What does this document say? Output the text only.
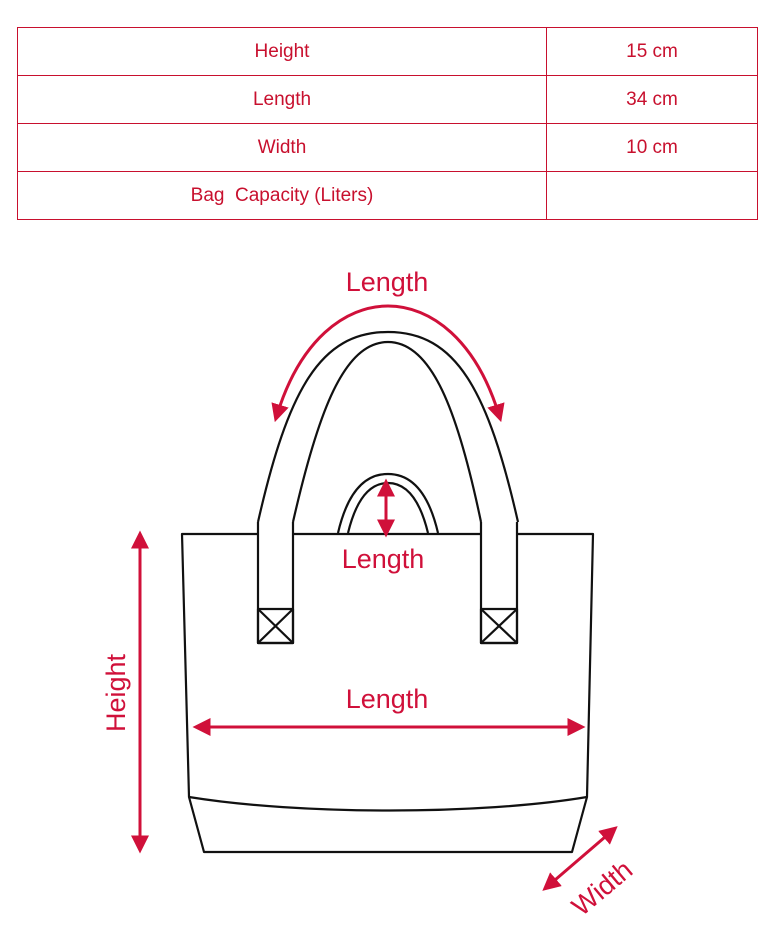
Height	15 cm
Length	34 cm
Width	10 cm
Bag  Capacity (Liters)	
Length
Length
Length
Height
Width
